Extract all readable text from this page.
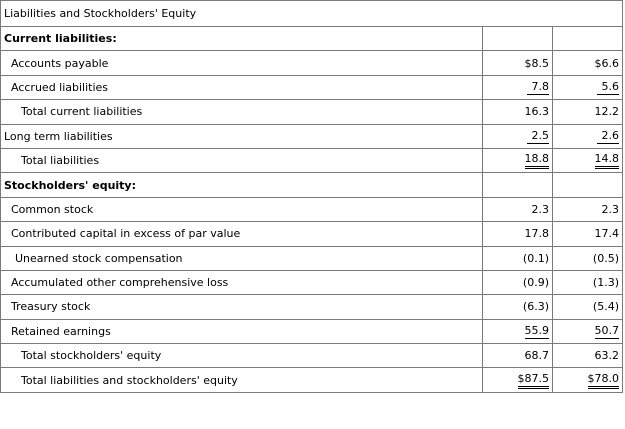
Liabilities and Stockholders' Equity		
Current liabilities:		
Accounts payable	$8.5	$6.6
Accrued liabilities	7.8	5.6
Total current liabilities	16.3	12.2
Long term liabilities	2.5	2.6
Total liabilities	18.8	14.8
Stockholders' equity:		
Common stock	2.3	2.3
Contributed capital in excess of par value	17.8	17.4
Unearned stock compensation	(0.1)	(0.5)
Accumulated other comprehensive loss	(0.9)	(1.3)
Treasury stock	(6.3)	(5.4)
Retained earnings	55.9	50.7
Total stockholders' equity	68.7	63.2
Total liabilities and stockholders' equity	$87.5	$78.0
